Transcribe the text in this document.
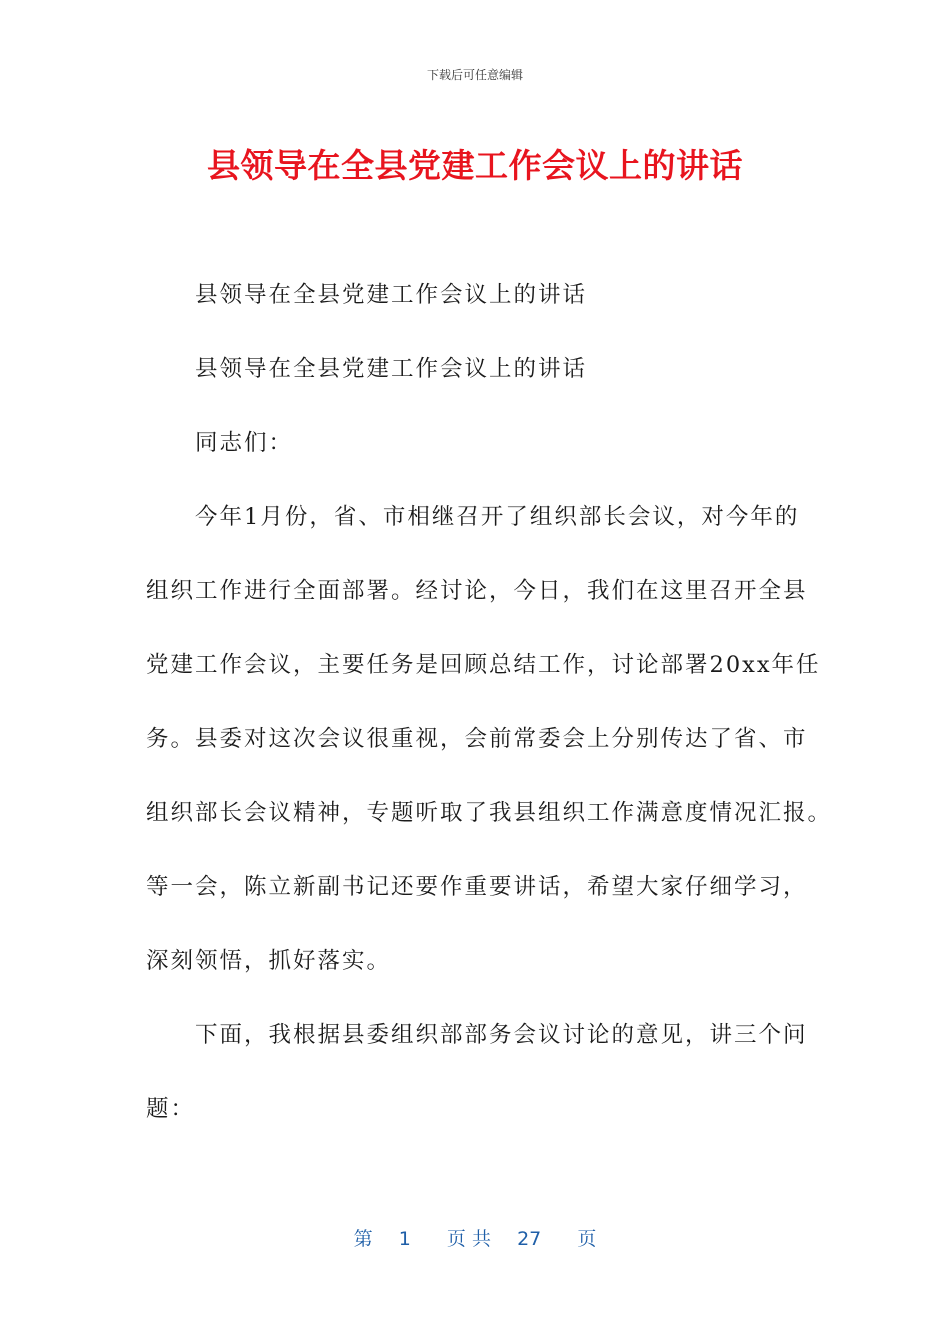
下载后可任意编辑
县领导在全县党建工作会议上的讲话
　　县领导在全县党建工作会议上的讲话
　　县领导在全县党建工作会议上的讲话
　　同志们：
　　今年1月份，省、市相继召开了组织部长会议，对今年的
组织工作进行全面部署。经讨论，今日，我们在这里召开全县
党建工作会议，主要任务是回顾总结工作，讨论部署20xx年任
务。县委对这次会议很重视，会前常委会上分别传达了省、市
组织部长会议精神，专题听取了我县组织工作满意度情况汇报。
等一会，陈立新副书记还要作重要讲话，希望大家仔细学习，
深刻领悟，抓好落实。
　　下面，我根据县委组织部部务会议讨论的意见，讲三个问
题：
第 1 页 共 27 页
